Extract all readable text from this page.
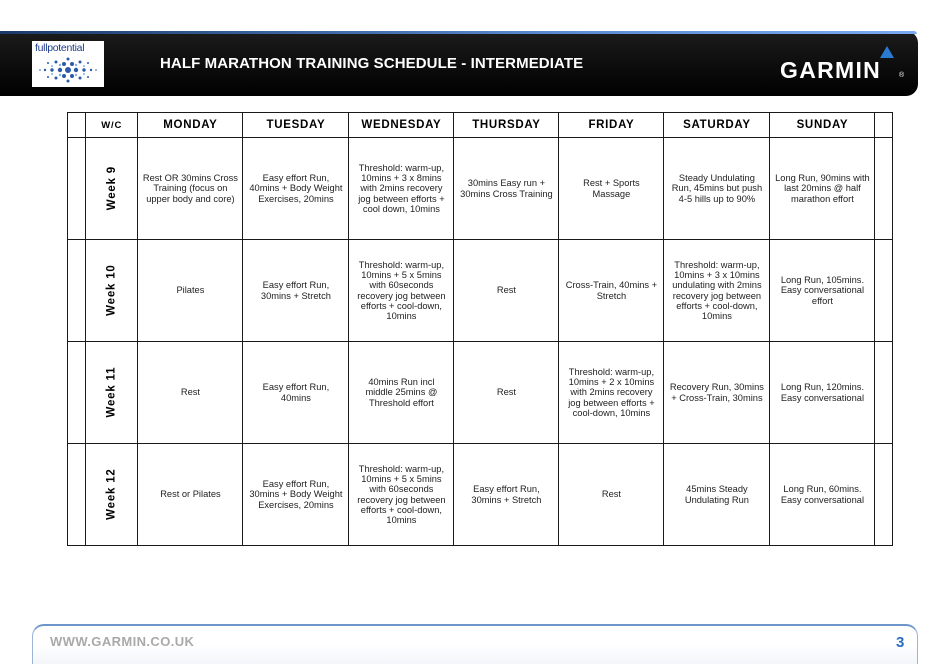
fullpotential
HALF MARATHON TRAINING SCHEDULE - INTERMEDIATE	GARMIN	®
	W/C	MONDAY	TUESDAY	WEDNESDAY	THURSDAY	FRIDAY	SATURDAY	SUNDAY	
	Week 9	Rest OR 30mins Cross Training (focus on upper body and core)	Easy effort Run, 40mins + Body Weight Exercises, 20mins	Threshold: warm-up, 10mins + 3 x 8mins with 2mins recovery jog between efforts + cool down, 10mins	30mins Easy run + 30mins Cross Training	Rest + Sports Massage	Steady Undulating Run, 45mins but push 4-5 hills up to 90%	Long Run, 90mins with last 20mins @ half marathon effort	
	Week 10	Pilates	Easy effort Run, 30mins + Stretch	Threshold: warm-up, 10mins + 5 x 5mins with 60seconds recovery jog between efforts + cool-down, 10mins	Rest	Cross-Train, 40mins + Stretch	Threshold: warm-up, 10mins + 3 x 10mins undulating with 2mins recovery jog between efforts + cool-down, 10mins	Long Run, 105mins. Easy conversational effort	
	Week 11	Rest	Easy effort Run, 40mins	40mins Run incl middle 25mins @ Threshold effort	Rest	Threshold: warm-up, 10mins + 2 x 10mins with 2mins recovery jog between efforts + cool-down, 10mins	Recovery Run, 30mins + Cross-Train, 30mins	Long Run, 120mins. Easy conversational	
	Week 12	Rest or Pilates	Easy effort Run, 30mins + Body Weight Exercises, 20mins	Threshold: warm-up, 10mins + 5 x 5mins with 60seconds recovery jog between efforts + cool-down, 10mins	Easy effort Run, 30mins + Stretch	Rest	45mins Steady Undulating Run	Long Run, 60mins. Easy conversational	
WWW.GARMIN.CO.UK	3
